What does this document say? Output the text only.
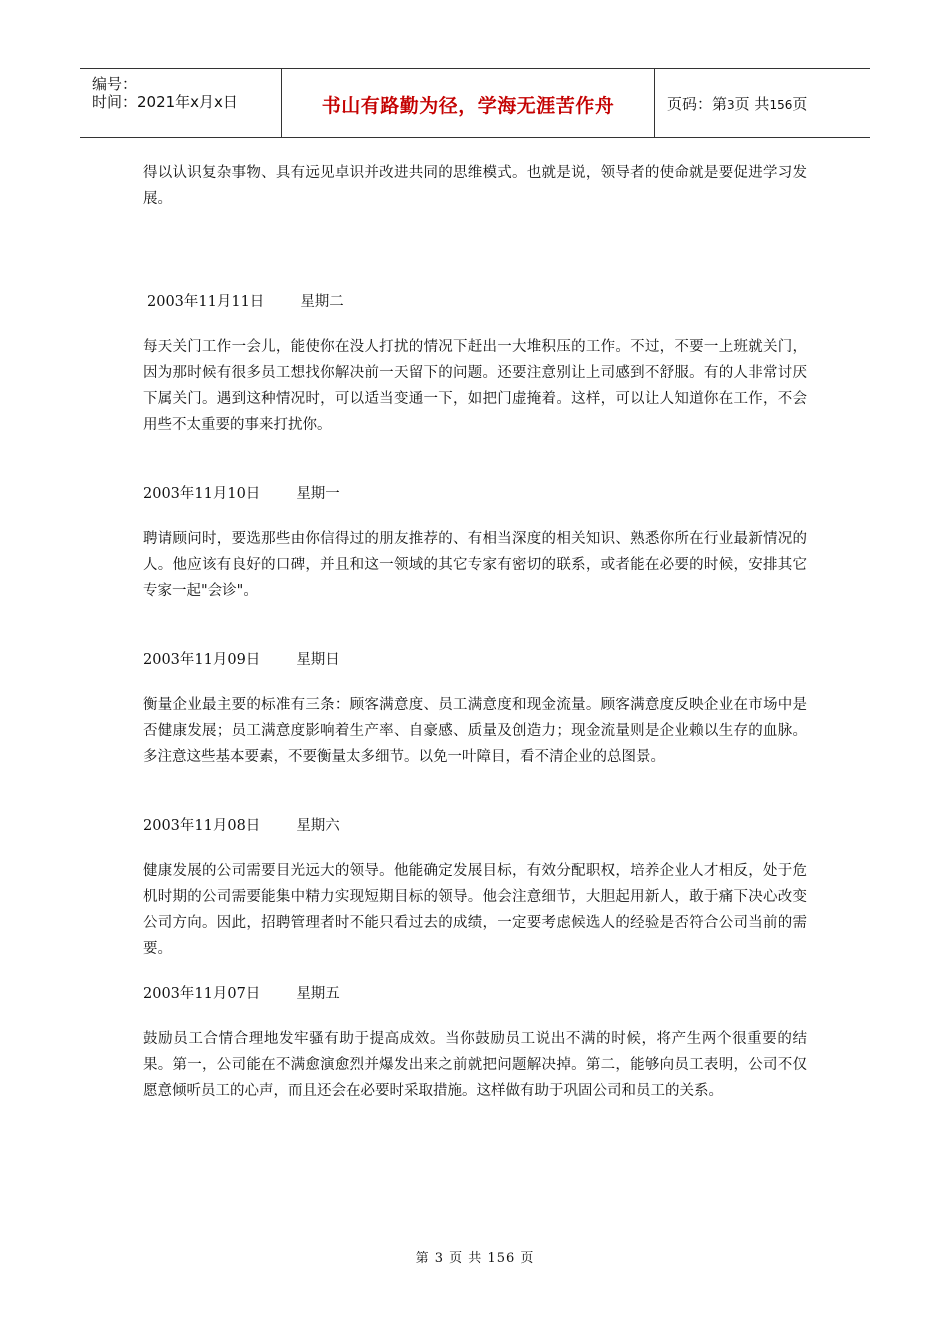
编号：
时间：2021年x月x日	书山有路勤为径，学海无涯苦作舟	页码：第3页 共156页

得以认识复杂事物、具有远见卓识并改进共同的思维模式。也就是说，领导者的使命就是要促进学习发展。

2003年11月11日 星期二

每天关门工作一会儿，能使你在没人打扰的情况下赶出一大堆积压的工作。不过，不要一上班就关门，因为那时候有很多员工想找你解决前一天留下的问题。还要注意别让上司感到不舒服。有的人非常讨厌下属关门。遇到这种情况时，可以适当变通一下，如把门虚掩着。这样，可以让人知道你在工作，不会用些不太重要的事来打扰你。

2003年11月10日 星期一

聘请顾问时，要选那些由你信得过的朋友推荐的、有相当深度的相关知识、熟悉你所在行业最新情况的人。他应该有良好的口碑，并且和这一领域的其它专家有密切的联系，或者能在必要的时候，安排其它专家一起"会诊"。

2003年11月09日 星期日

衡量企业最主要的标准有三条：顾客满意度、员工满意度和现金流量。顾客满意度反映企业在市场中是否健康发展；员工满意度影响着生产率、自豪感、质量及创造力；现金流量则是企业赖以生存的血脉。多注意这些基本要素，不要衡量太多细节。以免一叶障目，看不清企业的总图景。

2003年11月08日 星期六

健康发展的公司需要目光远大的领导。他能确定发展目标，有效分配职权，培养企业人才相反，处于危机时期的公司需要能集中精力实现短期目标的领导。他会注意细节，大胆起用新人，敢于痛下决心改变公司方向。因此，招聘管理者时不能只看过去的成绩，一定要考虑候选人的经验是否符合公司当前的需要。

2003年11月07日 星期五

鼓励员工合情合理地发牢骚有助于提高成效。当你鼓励员工说出不满的时候，将产生两个很重要的结果。第一，公司能在不满愈演愈烈并爆发出来之前就把问题解决掉。第二，能够向员工表明，公司不仅愿意倾听员工的心声，而且还会在必要时采取措施。这样做有助于巩固公司和员工的关系。

第 3 页 共 156 页
